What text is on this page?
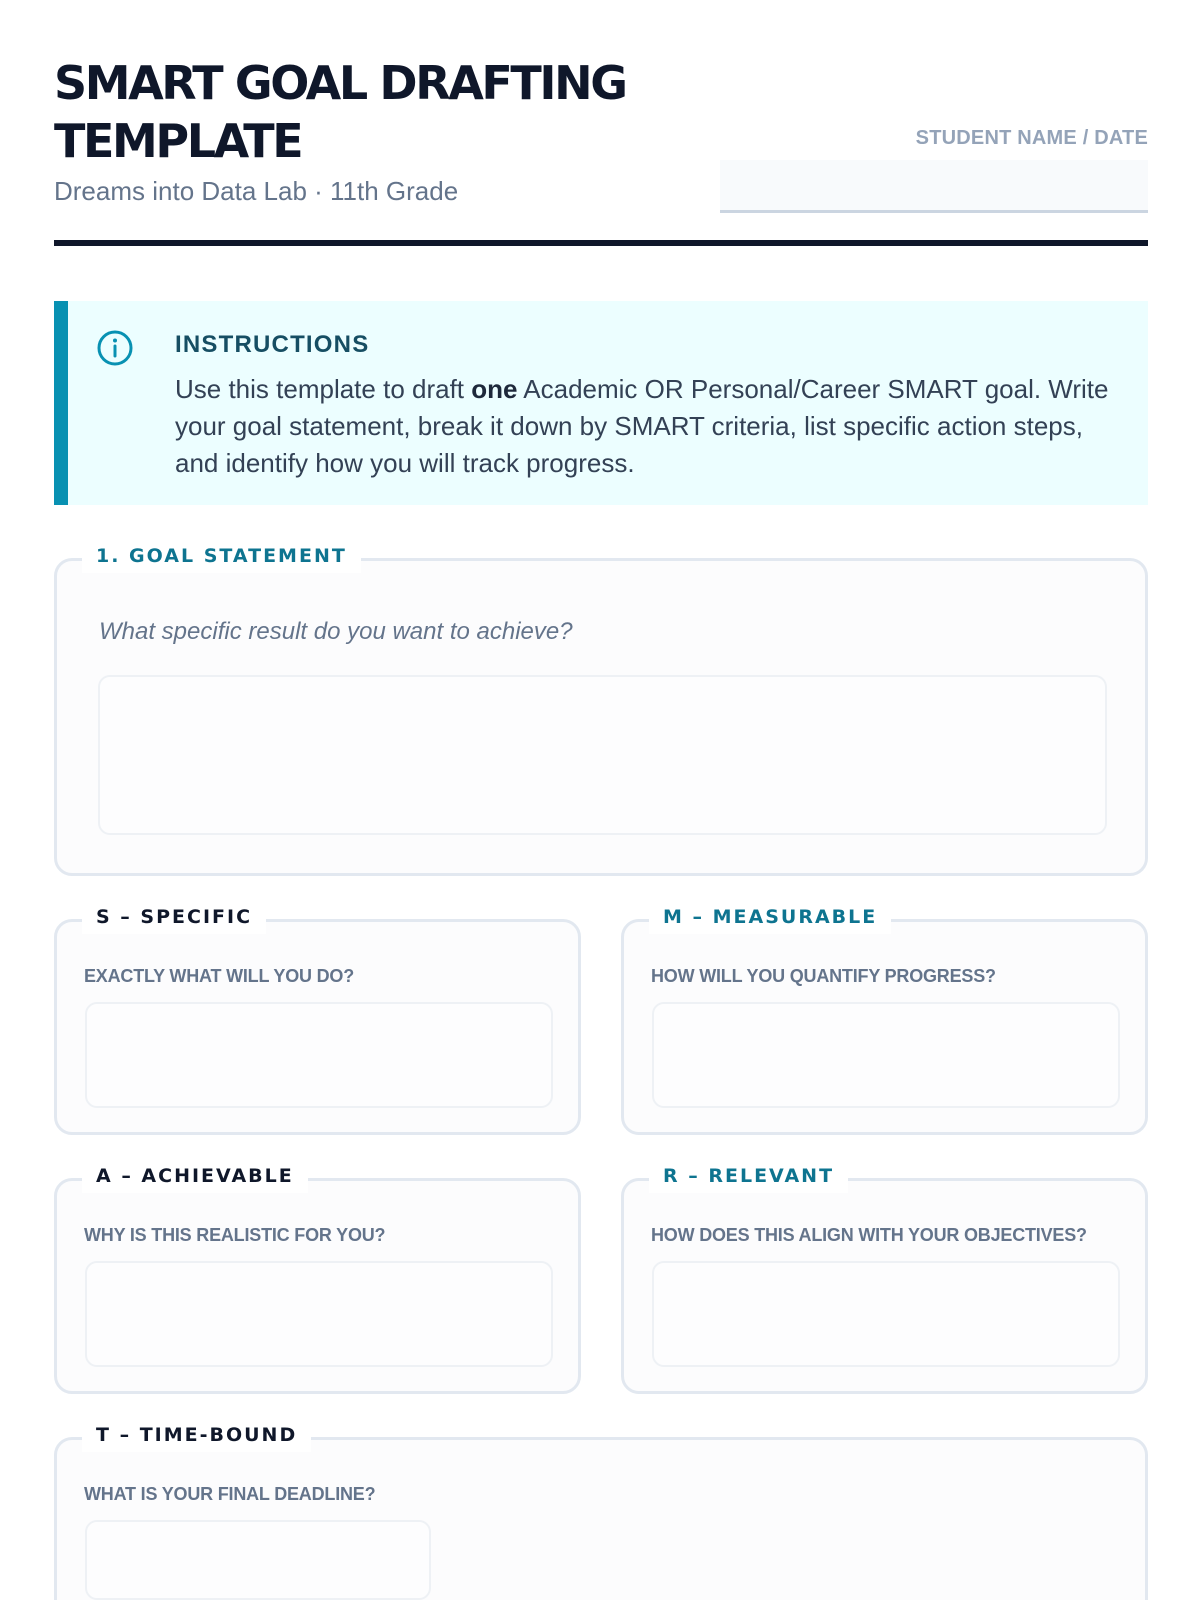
SMART GOAL DRAFTING
TEMPLATE
Dreams into Data Lab · 11th Grade
STUDENT NAME / DATE
INSTRUCTIONS

Use this template to draft one Academic OR Personal/Career SMART goal. Write your goal statement, break it down by SMART criteria, list specific action steps, and identify how you will track progress.

1. GOAL STATEMENT
What specific result do you want to achieve?
S – SPECIFIC
EXACTLY WHAT WILL YOU DO?
M – MEASURABLE
HOW WILL YOU QUANTIFY PROGRESS?
A – ACHIEVABLE
WHY IS THIS REALISTIC FOR YOU?
R – RELEVANT
HOW DOES THIS ALIGN WITH YOUR OBJECTIVES?
T – TIME-BOUND
WHAT IS YOUR FINAL DEADLINE?
